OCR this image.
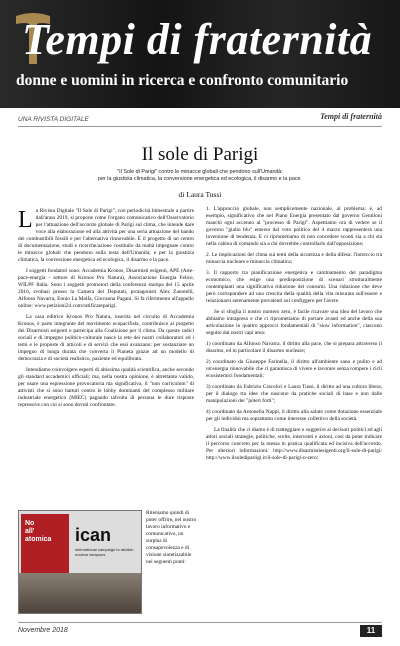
Tempi di fraternità
donne e uomini in ricerca e confronto comunitario
UNA RIVISTA DIGITALE	Tempi di fraternità
Il sole di Parigi

"Il Sole di Parigi" contro le minacce globali che pendono sull'Umanità:

per la giustizia climatica, la conversione energetica ed ecologica, il disarmo e la pace.

di Laura Tussi

La Rivista Digitale "Il Sole di Parigi", con periodicità bimestrale a partire dall'anno 2019, si propone come l'organo comunicativo dell'Osservatorio per l'attuazione dell'accordo globale di Parigi sul clima, che intende dare voce alla elaborazione ed alla attività per una seria attuazione del bando dei combustibili fossili e per l'alternativa rinnovabile. È il progetto di un centro di documentazione, studi e ricerche/azione costituito da realtà impegnate contro le minacce globali che pendono sulla testa dell'Umanità; e per la giustizia climatica, la conversione energetica ed ecologica, il disarmo e la pace.

I soggetti fondatori sono: Accademia Kronos, Disarmisti esigenti, APE (Arte-pace-energia - settore di Kronos Pro Natura), Associazione Energia Felice, WILPF Italia. Sono i soggetti promotori della conferenza stampa del 15 aprile 2016, svoltasi presso la Camera dei Deputati, protagonisti Alex Zanotelli, Alfonso Navarra, Ennio La Malfa, Giovanna Pagani. Si fa riferimento all'appello online: www.petizioni24.com/ratificareparigi.

La casa editrice Kronos Pro Natura, inserita nel circuito di Accademia Kronos, è parte integrante del movimento ecopacifista, contribuisce al progetto dei Disarmisti esigenti e partecipa alla Coalizione per il clima. Da queste radici sociali e di impegno politico-culturale nasce la rete dei nostri collaboratori ed i temi e le proposte di articoli e di servizi che essi avanzano: per sostanziare un impegno di lunga durata che converta il Pianeta grazie ad un modello di democrazia e di società realistico, paziente ed equilibrato.

Intendiamo coinvolgere esperti di altissima qualità scientifica, anche secondo gli standard accademici ufficiali; ma, nella nostra opinione, è altrettanto valido, per usare una espressione provocatoria ma significativa, il "non curriculum" di attivisti che si sono battuti contro le lobby dominanti del complesso militare industriale energetico (MIEC) pagando talvolta di persona le dure risposte repressive con cui si sono dovuti confrontare.

No
all'
atomica ican
international campaign to abolish nuclear weapons
Riteniamo quindi di poter offrire, nel nostro lavoro informativo e comunicativo, un surplus di consapevolezza e di visione sintetizzabile nei seguenti punti:

1. L'approccio globale, non semplicemente nazionale, al problema: è, ad esempio, significativo che nel Piano Energia presentato dal governo Gentiloni manchi ogni accenno al "processo di Parigi". Aspettiamo ora di vedere se il governo "giallo blu" emerso dal voto politico del 4 marzo rappresenterà una inversione di tendenza. E ci riprometiamo di non concedere sconti sia a chi sta nella cabina di comando sia a chi dovrebbe controllarlo dall'opposizione;

2. Le implicazioni del clima sui temi della sicurezza e della difesa: l'intreccio tra minaccia nucleare e minaccia climatica;

3. Il rapporto tra pianificazione energetica e cambiamento del paradigma economico, che esige una predisposizione di scenari strutturalmente contemplanti una significativa riduzione dei consumi. Una riduzione che deve però corrispondere ad una crescita della qualità della vita misurata sull'essere e relazionarsi serenamente prevalenti sul configgere per l'avere.

Se si sfoglia il nostro numero zero, è facile ricavare una idea del lavoro che abbiamo intrapreso e che ci riprometiamo di portare avanti ed anche della sua articolazione in quattro approcci fondamentali di "slow information", ciascuno seguito dai nostri capi area:

1) coordinato da Alfonso Navarra, il diritto alla pace, che si prepara attraverso il disarmo, ed in particolare il disarmo nucleare;

2) coordinato da Giuseppe Farinella, il diritto all'ambiente sano e pulito e ad un'energia rinnovabile che ci garantisca di vivere e lavorare senza rompere i cicli ecosistemici fondamentali;

3) coordinato da Fabrizio Cracolici e Laura Tussi, il diritto ad una cultura libera, per il dialogo tra idee che nascono da pratiche sociali di base e non dalle manipolazioni dei "poteri forti";

4) coordinato da Antonella Nappi, il diritto alla salute come dotazione essenziale per gli individui ma soprattutto come interesse collettivo della società.

La finalità che ci diamo è di tratteggiare e suggerire ai decisori politici ed agli attori sociali strategie, politiche, scelte, interventi e azioni, così da poter indicare il percorso concreto per la messa in pratica qualificata ed incisiva dell'accordo. Per ulteriori informazioni: http://www.disarmistiesigenti.org/il-sole-di-parigi/ http://www.ilsoledipariigi.it/il-sole-di-parigi-n-zero/

Novembre 2018	11
